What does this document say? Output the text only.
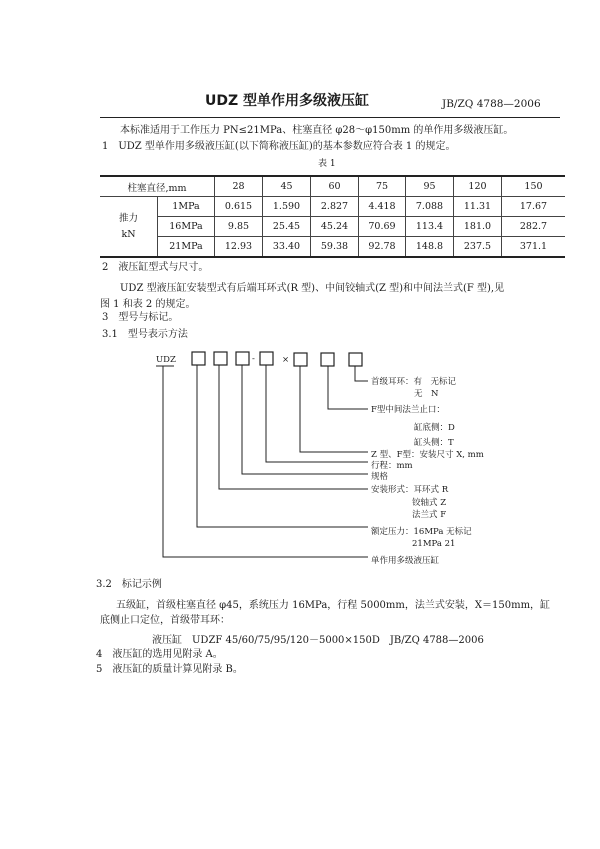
UDZ 型单作用多级液压缸	JB/ZQ 4788—2006
本标准适用于工作压力 PN≤21MPa、柱塞直径 φ28～φ150mm 的单作用多级液压缸。
1　UDZ 型单作用多级液压缸(以下简称液压缸)的基本参数应符合表 1 的规定。
表 1
柱塞直径,mm		28	45	60	75	95	120	150
推力
kN	1MPa	0.615	1.590	2.827	4.418	7.088	11.31	17.67
	16MPa	9.85	25.45	45.24	70.69	113.4	181.0	282.7
	21MPa	12.93	33.40	59.38	92.78	148.8	237.5	371.1
2　液压缸型式与尺寸。
UDZ 型液压缸安装型式有后端耳环式(R 型)、中间铰轴式(Z 型)和中间法兰式(F 型),见
图 1 和表 2 的规定。
3　型号与标记。
3.1　型号表示方法
UDZ	-	×
首级耳环：有　无标记
无　N
F型中间法兰止口：
缸底侧：D
缸头侧：T
Z 型、F型：安装尺寸 X, mm
行程：mm
规格
安装形式：耳环式 R
铰轴式 Z
法兰式 F
额定压力：16MPa 无标记
21MPa 21
单作用多级液压缸
3.2　标记示例
五级缸，首级柱塞直径 φ45，系统压力 16MPa，行程 5000mm，法兰式安装，X＝150mm，缸
底侧止口定位，首级带耳环：
液压缸　UDZF 45/60/75/95/120－5000×150D　JB/ZQ 4788—2006
4　液压缸的选用见附录 A。
5　液压缸的质量计算见附录 B。
